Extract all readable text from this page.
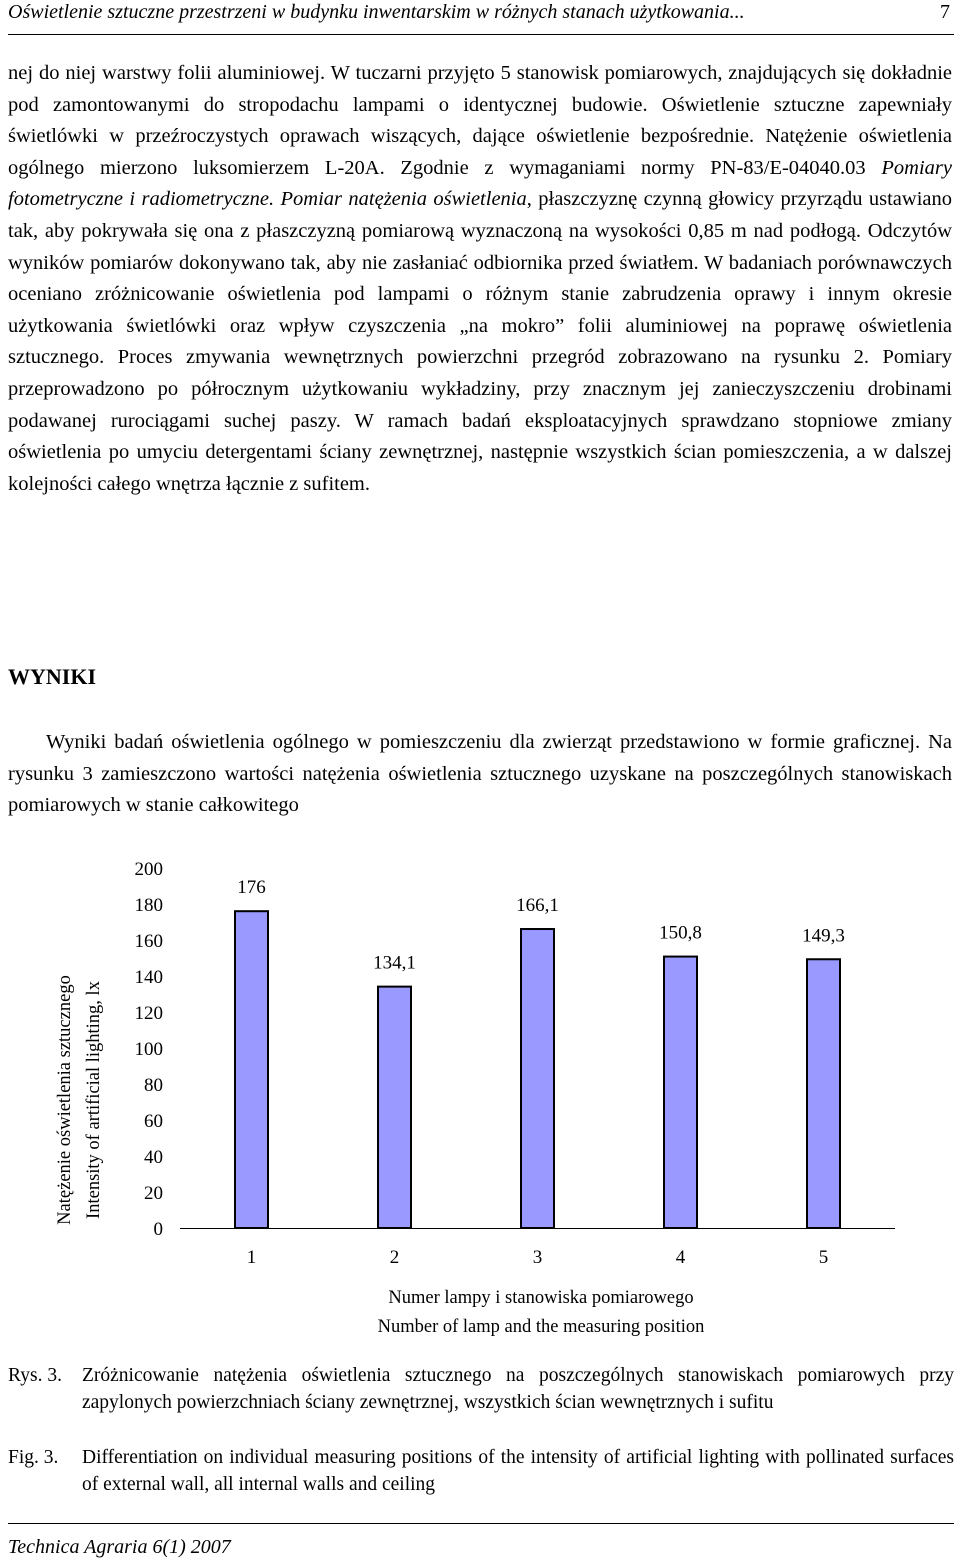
Oświetlenie sztuczne przestrzeni w budynku inwentarskim w różnych stanach użytkowania...	7
nej do niej warstwy folii aluminiowej. W tuczarni przyjęto 5 stanowisk pomiarowych, znajdujących się dokładnie pod zamontowanymi do stropodachu lampami o identycznej budowie. Oświetlenie sztuczne zapewniały świetlówki w przeźroczystych oprawach wiszących, dające oświetlenie bezpośrednie. Natężenie oświetlenia ogólnego mierzono luksomierzem L-20A. Zgodnie z wymaganiami normy PN-83/E-04040.03 Pomiary fotometryczne i radiometryczne. Pomiar natężenia oświetlenia, płaszczyznę czynną głowicy przyrządu ustawiano tak, aby pokrywała się ona z płaszczyzną pomiarową wyznaczoną na wysokości 0,85 m nad podłogą. Odczytów wyników pomiarów dokonywano tak, aby nie zasłaniać odbiornika przed światłem. W badaniach porównawczych oceniano zróżnicowanie oświetlenia pod lampami o różnym stanie zabrudzenia oprawy i innym okresie użytkowania świetlówki oraz wpływ czyszczenia „na mokro” folii aluminiowej na poprawę oświetlenia sztucznego. Proces zmywania wewnętrznych powierzchni przegród zobrazowano na rysunku 2. Pomiary przeprowadzono po półrocznym użytkowaniu wykładziny, przy znacznym jej zanieczyszczeniu drobinami podawanej rurociągami suchej paszy. W ramach badań eksploatacyjnych sprawdzano stopniowe zmiany oświetlenia po umyciu detergentami ściany zewnętrznej, następnie wszystkich ścian pomieszczenia, a w dalszej kolejności całego wnętrza łącznie z sufitem.
WYNIKI
Wyniki badań oświetlenia ogólnego w pomieszczeniu dla zwierząt przedstawiono w formie graficznej. Na rysunku 3 zamieszczono wartości natężenia oświetlenia sztucznego uzyskane na poszczególnych stanowiskach pomiarowych w stanie całkowitego
0
20
40
60
80
100
120
140
160
180
200
176
1
134,1
2
166,1
3
150,8
4
149,3
5
Natężenie oświetlenia sztucznego Intensity of artificial lighting, lx
Numer lampy i stanowiska pomiarowego
Number of lamp and the measuring position
Rys. 3. Zróżnicowanie natężenia oświetlenia sztucznego na poszczególnych stanowiskach pomiarowych przy zapylonych powierzchniach ściany zewnętrznej, wszystkich ścian wewnętrznych i sufitu
Fig. 3. Differentiation on individual measuring positions of the intensity of artificial lighting with pollinated surfaces of external wall, all internal walls and ceiling
Technica Agraria 6(1) 2007
